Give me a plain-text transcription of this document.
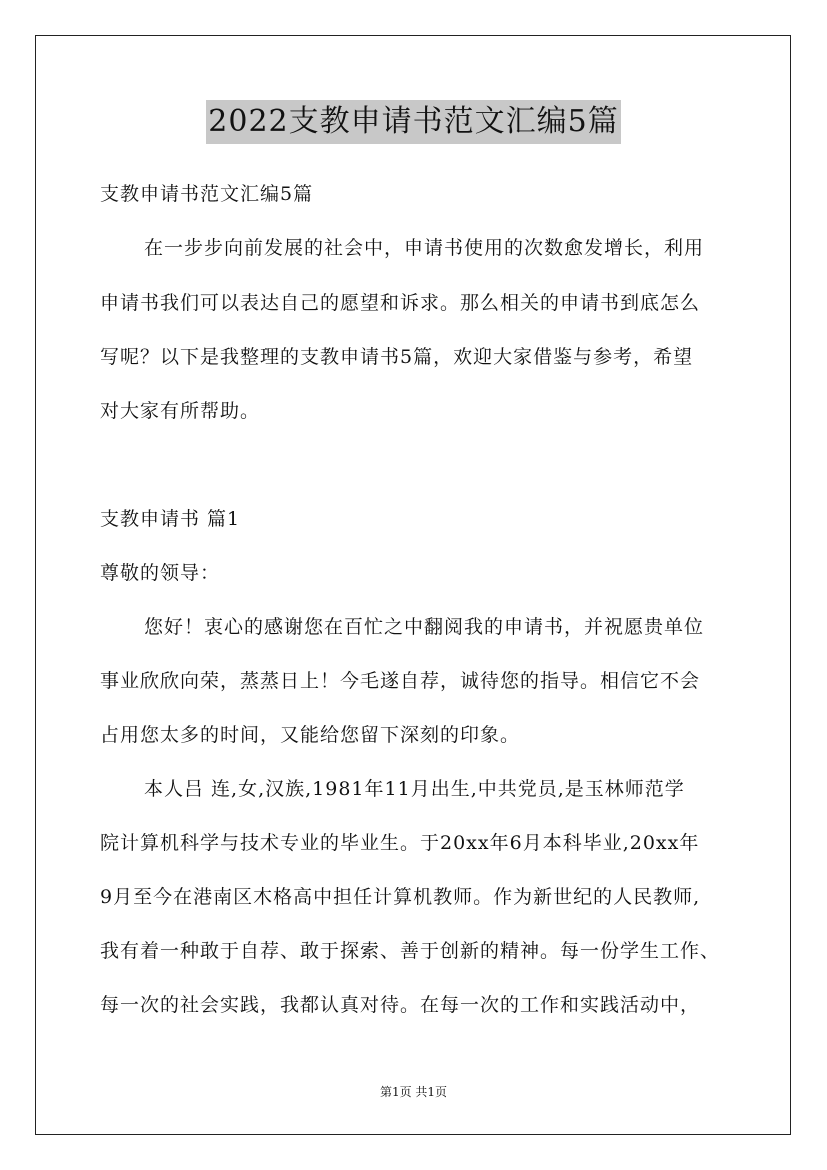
2022支教申请书范文汇编5篇
支教申请书范文汇编5篇
在一步步向前发展的社会中，申请书使用的次数愈发增长，利用
申请书我们可以表达自己的愿望和诉求。那么相关的申请书到底怎么
写呢？以下是我整理的支教申请书5篇，欢迎大家借鉴与参考，希望
对大家有所帮助。
支教申请书 篇1
尊敬的领导：
您好！衷心的感谢您在百忙之中翻阅我的申请书，并祝愿贵单位
事业欣欣向荣，蒸蒸日上！今毛遂自荐，诚待您的指导。相信它不会
占用您太多的时间，又能给您留下深刻的印象。
本人吕 连,女,汉族,1981年11月出生,中共党员,是玉林师范学
院计算机科学与技术专业的毕业生。于20xx年6月本科毕业,20xx年
9月至今在港南区木格高中担任计算机教师。作为新世纪的人民教师,
我有着一种敢于自荐、敢于探索、善于创新的精神。每一份学生工作、
每一次的社会实践，我都认真对待。在每一次的工作和实践活动中，
第1页 共1页
